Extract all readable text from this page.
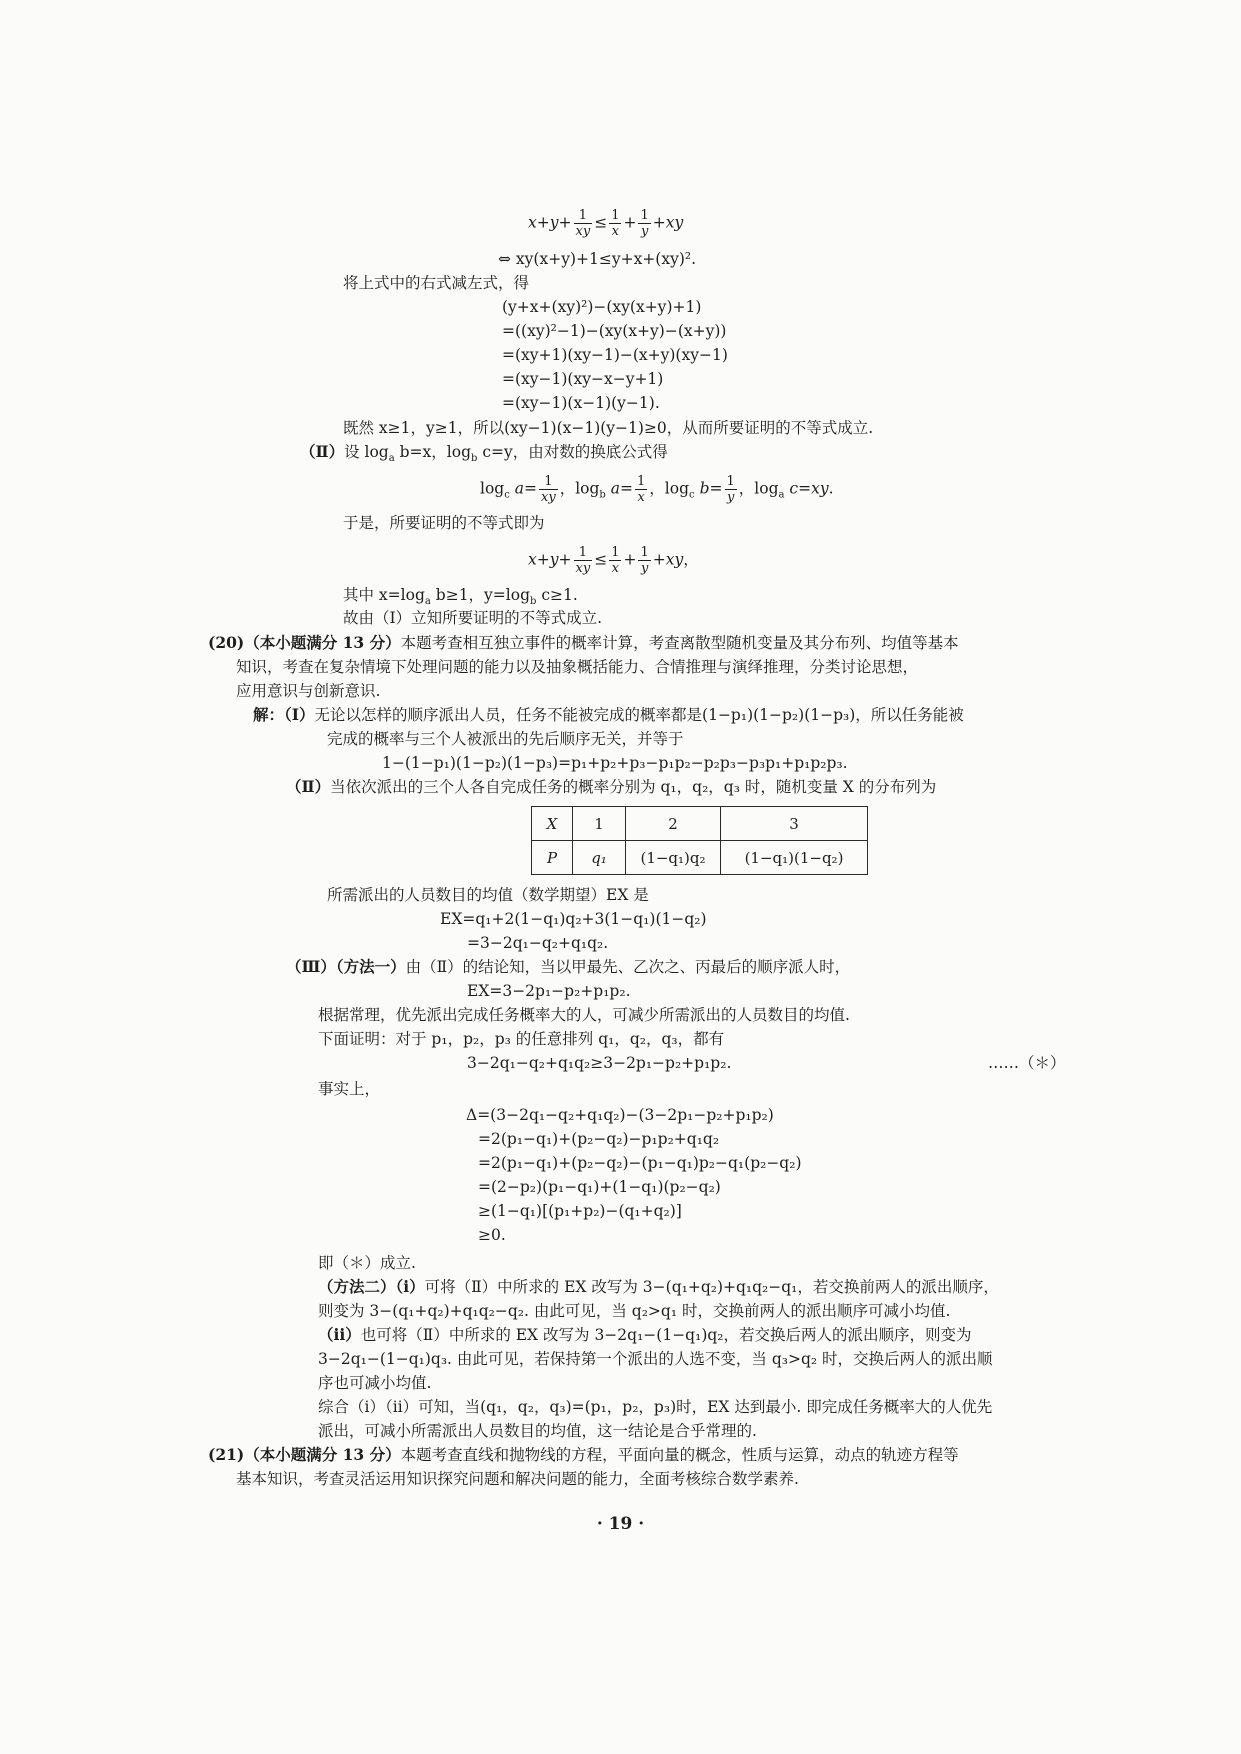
$x+y+ \frac{1}{xy} \le \frac{1}{x} + \frac{1}{y} +xy$
⇔ xy(x+y)+1≤y+x+(xy)².
将上式中的右式减左式，得
(y+x+(xy)²)−(xy(x+y)+1)
=((xy)²−1)−(xy(x+y)−(x+y))
=(xy+1)(xy−1)−(x+y)(xy−1)
=(xy−1)(xy−x−y+1)
=(xy−1)(x−1)(y−1).
既然 x≥1，y≥1，所以(xy−1)(x−1)(y−1)≥0，从而所要证明的不等式成立.
（Ⅱ）设 $\log_a b=x$，$\log_b c=y$，由对数的换底公式得
$\log_c a= \frac{1}{xy}$ ，$\log_b a= \frac{1}{x}$ ，$\log_c b= \frac{1}{y}$ ，$\log_a c=xy$.
于是，所要证明的不等式即为
$x+y+ \frac{1}{xy} \le \frac{1}{x} + \frac{1}{y} +xy$，
其中 $x=\log_a$ b≥1，$y=\log_b$ c≥1.
故由（Ⅰ）立知所要证明的不等式成立.
(20)（本小题满分 13 分）本题考查相互独立事件的概率计算，考查离散型随机变量及其分布列、均值等基本
知识，考查在复杂情境下处理问题的能力以及抽象概括能力、合情推理与演绎推理，分类讨论思想，
应用意识与创新意识.
解：（Ⅰ）无论以怎样的顺序派出人员，任务不能被完成的概率都是(1−p₁)(1−p₂)(1−p₃)，所以任务能被
完成的概率与三个人被派出的先后顺序无关，并等于
1−(1−p₁)(1−p₂)(1−p₃)=p₁+p₂+p₃−p₁p₂−p₂p₃−p₃p₁+p₁p₂p₃.
（Ⅱ）当依次派出的三个人各自完成任务的概率分别为 q₁，q₂，q₃ 时，随机变量 X 的分布列为
X	1	2	3
P	q₁	(1−q₁)q₂	(1−q₁)(1−q₂)
所需派出的人员数目的均值（数学期望）EX 是
EX=q₁+2(1−q₁)q₂+3(1−q₁)(1−q₂)
=3−2q₁−q₂+q₁q₂.
（Ⅲ）（方法一）由（Ⅱ）的结论知，当以甲最先、乙次之、丙最后的顺序派人时，
EX=3−2p₁−p₂+p₁p₂.
根据常理，优先派出完成任务概率大的人，可减少所需派出的人员数目的均值.
下面证明：对于 p₁，p₂，p₃ 的任意排列 q₁，q₂，q₃，都有
3−2q₁−q₂+q₁q₂≥3−2p₁−p₂+p₁p₂.	……（＊）
事实上，
Δ=(3−2q₁−q₂+q₁q₂)−(3−2p₁−p₂+p₁p₂)
=2(p₁−q₁)+(p₂−q₂)−p₁p₂+q₁q₂
=2(p₁−q₁)+(p₂−q₂)−(p₁−q₁)p₂−q₁(p₂−q₂)
=(2−p₂)(p₁−q₁)+(1−q₁)(p₂−q₂)
≥(1−q₁)[(p₁+p₂)−(q₁+q₂)]
≥0.
即（＊）成立.
（方法二）（ⅰ）可将（Ⅱ）中所求的 EX 改写为 3−(q₁+q₂)+q₁q₂−q₁，若交换前两人的派出顺序，
则变为 3−(q₁+q₂)+q₁q₂−q₂. 由此可见，当 q₂>q₁ 时，交换前两人的派出顺序可减小均值.
（ⅱ）也可将（Ⅱ）中所求的 EX 改写为 3−2q₁−(1−q₁)q₂，若交换后两人的派出顺序，则变为
3−2q₁−(1−q₁)q₃. 由此可见，若保持第一个派出的人选不变，当 q₃>q₂ 时，交换后两人的派出顺
序也可减小均值.
综合（ⅰ）（ⅱ）可知，当(q₁，q₂，q₃)=(p₁，p₂，p₃)时，EX 达到最小. 即完成任务概率大的人优先
派出，可减小所需派出人员数目的均值，这一结论是合乎常理的.
(21)（本小题满分 13 分）本题考查直线和抛物线的方程，平面向量的概念，性质与运算，动点的轨迹方程等
基本知识，考查灵活运用知识探究问题和解决问题的能力，全面考核综合数学素养.
· 19 ·
